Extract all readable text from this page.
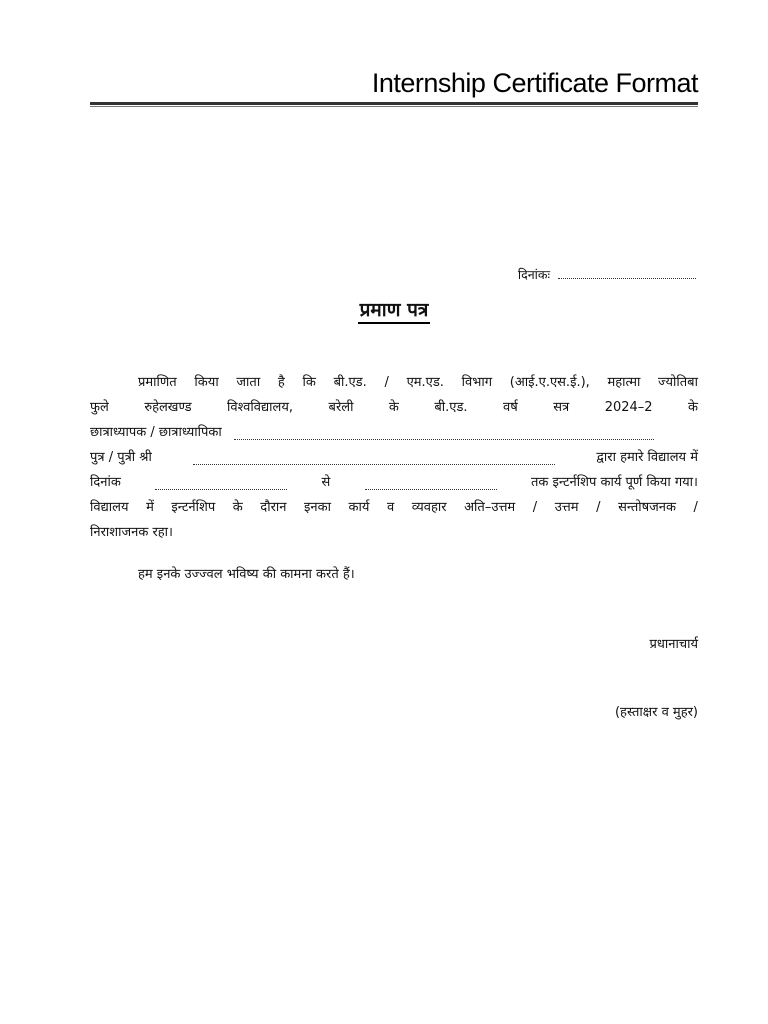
Internship Certificate Format
दिनांकः
प्रमाण पत्र
प्रमाणित किया जाता है कि बी.एड. / एम.एड. विभाग (आई.ए.एस.ई.), महात्मा ज्योतिबा
फुले	रुहेलखण्ड	विश्वविद्यालय,	बरेली	के	बी.एड.	वर्ष	सत्र	2024–2	के
छात्राध्यापक / छात्राध्यापिका
पुत्र / पुत्री श्री	द्वारा हमारे विद्यालय में
दिनांक	से	तक इन्टर्नशिप कार्य पूर्ण किया गया।
विद्यालय में इन्टर्नशिप के दौरान इनका कार्य व व्यवहार अति–उत्तम / उत्तम / सन्तोषजनक /
निराशाजनक रहा।
हम इनके उज्ज्वल भविष्य की कामना करते हैं।
प्रधानाचार्य
(हस्ताक्षर व मुहर)
